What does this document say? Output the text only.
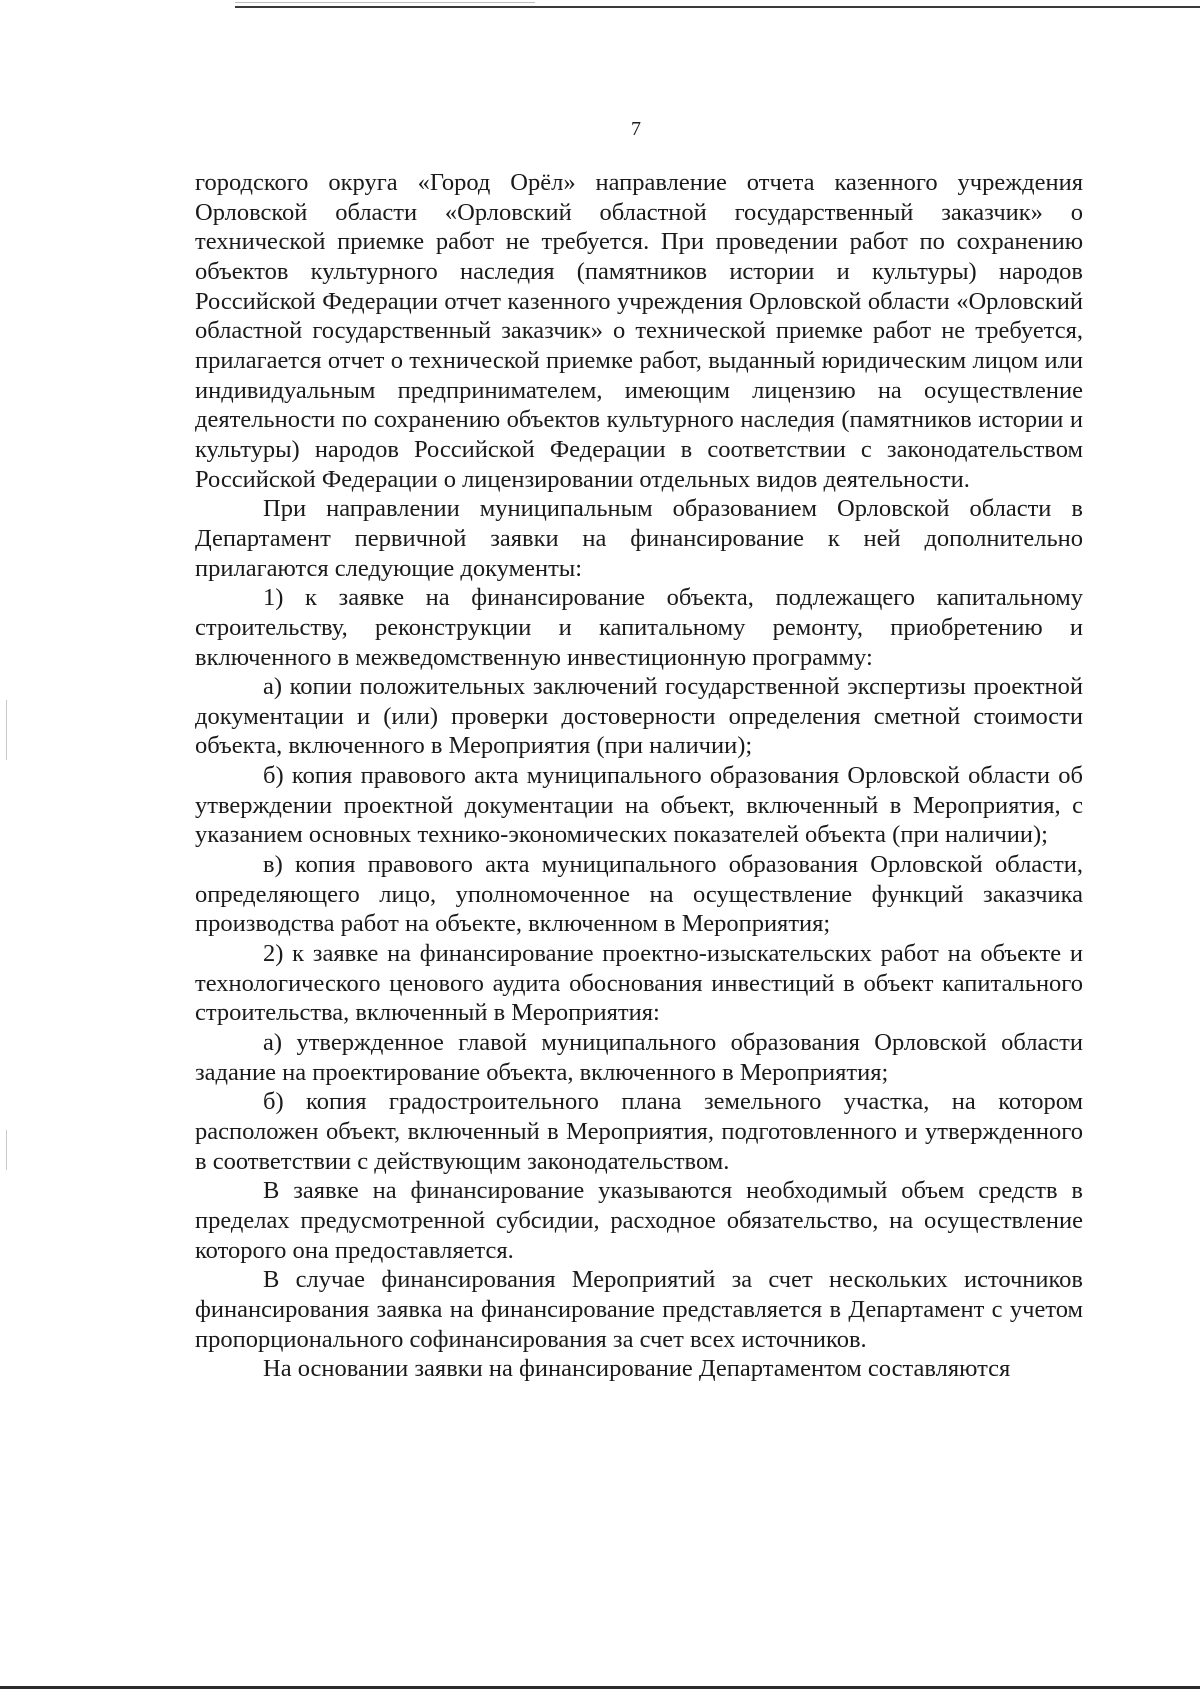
7

городского округа «Город Орёл» направление отчета казенного учреждения Орловской области «Орловский областной государственный заказчик» о технической приемке работ не требуется. При проведении работ по сохранению объектов культурного наследия (памятников истории и культуры) народов Российской Федерации отчет казенного учреждения Орловской области «Орловский областной государственный заказчик» о технической приемке работ не требуется, прилагается отчет о технической приемке работ, выданный юридическим лицом или индивидуальным предпринимателем, имеющим лицензию на осуществление деятельности по сохранению объектов культурного наследия (памятников истории и культуры) народов Российской Федерации в соответствии с законодательством Российской Федерации о лицензировании отдельных видов деятельности.

При направлении муниципальным образованием Орловской области в Департамент первичной заявки на финансирование к ней дополнительно прилагаются следующие документы:

1) к заявке на финансирование объекта, подлежащего капитальному строительству, реконструкции и капитальному ремонту, приобретению и включенного в межведомственную инвестиционную программу:

а) копии положительных заключений государственной экспертизы проектной документации и (или) проверки достоверности определения сметной стоимости объекта, включенного в Мероприятия (при наличии);

б) копия правового акта муниципального образования Орловской области об утверждении проектной документации на объект, включенный в Мероприятия, с указанием основных технико-экономических показателей объекта (при наличии);

в) копия правового акта муниципального образования Орловской области, определяющего лицо, уполномоченное на осуществление функций заказчика производства работ на объекте, включенном в Мероприятия;

2) к заявке на финансирование проектно-изыскательских работ на объекте и технологического ценового аудита обоснования инвестиций в объект капитального строительства, включенный в Мероприятия:

а) утвержденное главой муниципального образования Орловской области задание на проектирование объекта, включенного в Мероприятия;

б) копия градостроительного плана земельного участка, на котором расположен объект, включенный в Мероприятия, подготовленного и утвержденного в соответствии с действующим законодательством.

В заявке на финансирование указываются необходимый объем средств в пределах предусмотренной субсидии, расходное обязательство, на осуществление которого она предоставляется.

В случае финансирования Мероприятий за счет нескольких источников финансирования заявка на финансирование представляется в Департамент с учетом пропорционального софинансирования за счет всех источников.

На основании заявки на финансирование Департаментом составляются
